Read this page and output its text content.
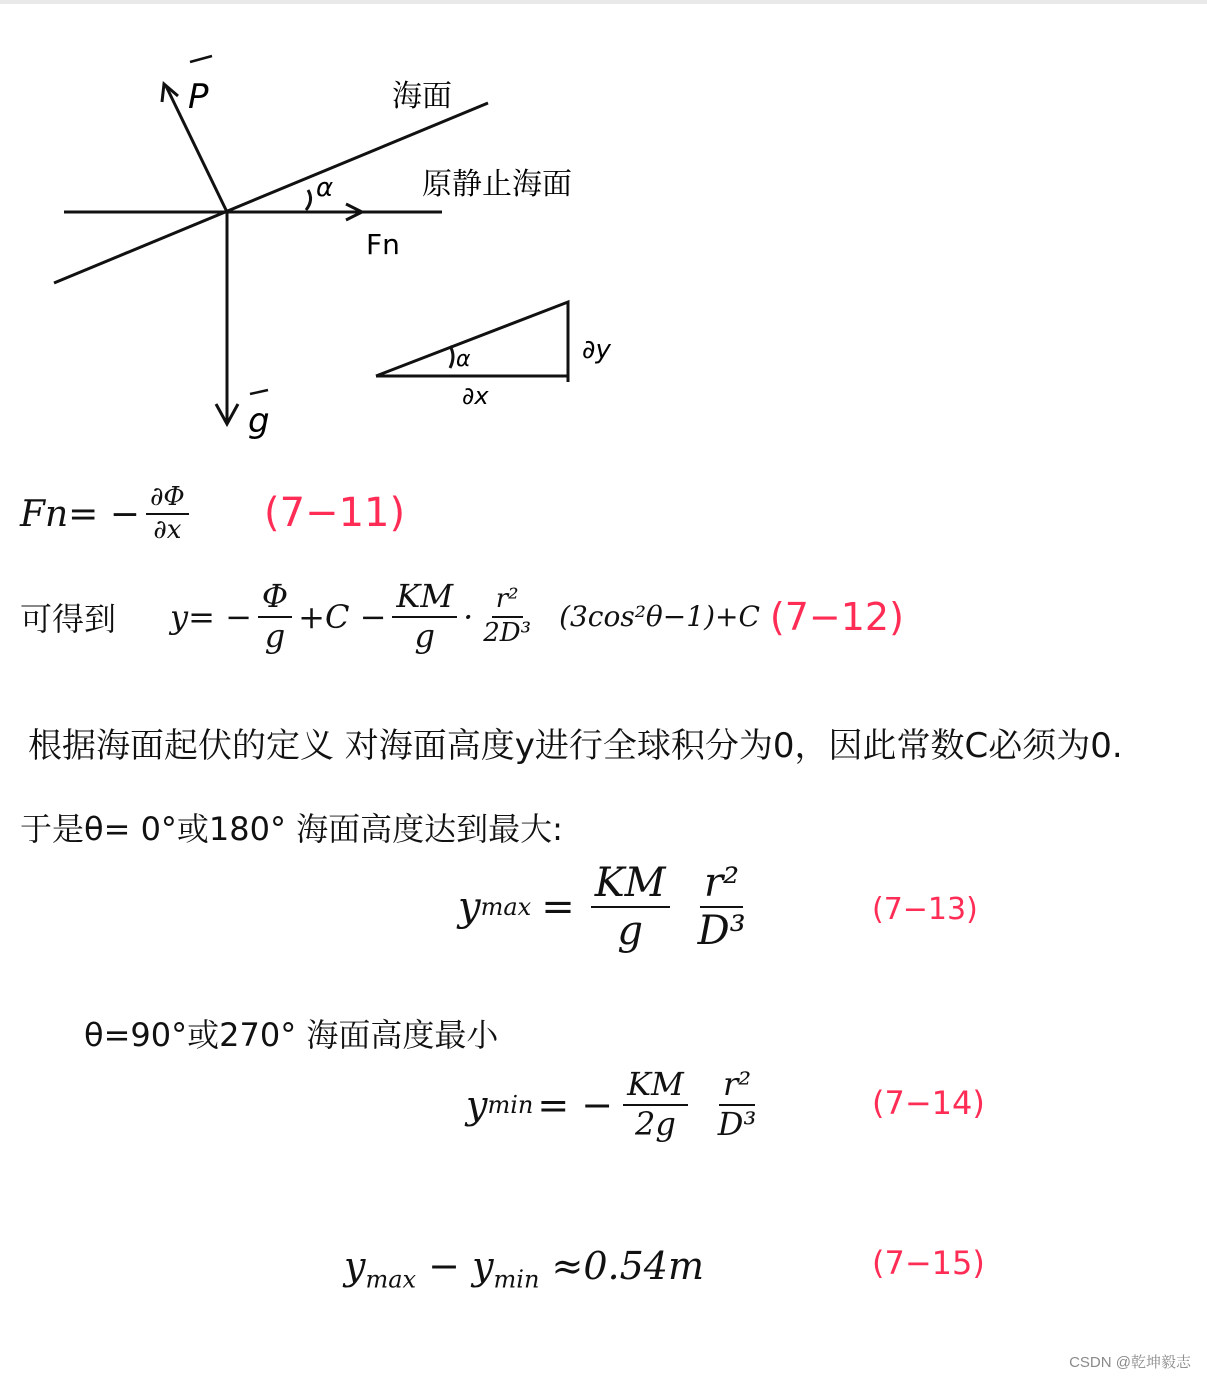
P	海面
原静止海面
α
Fn
g
∂y
∂x
α
$Fn= - \frac{\partial\Phi}{\partial x} (7-11)$
可得到 $y= - \frac{\Phi}{g} +C - \frac{KM}{g} \cdot \frac{\text{r²}}{\text{2D³}} (3\cos^2\theta-1)+C$ (7−12)
根据海面起伏的定义 对海面高度y进行全球积分为0，因此常数C必须为0.
于是θ= 0°或180° 海面高度达到最大:
y $\max = \frac{KM}{g} \frac{\text{r²}}{\text{D³}}$	(7−13)
θ=90°或270° 海面高度最小
y min = − $\frac{KM}{2g} \frac{\text{r²}}{\text{D³}}$	(7−14)
$y_{max} - y_{min} \approx 0.54m$	(7−15)
CSDN @乾坤毅志
